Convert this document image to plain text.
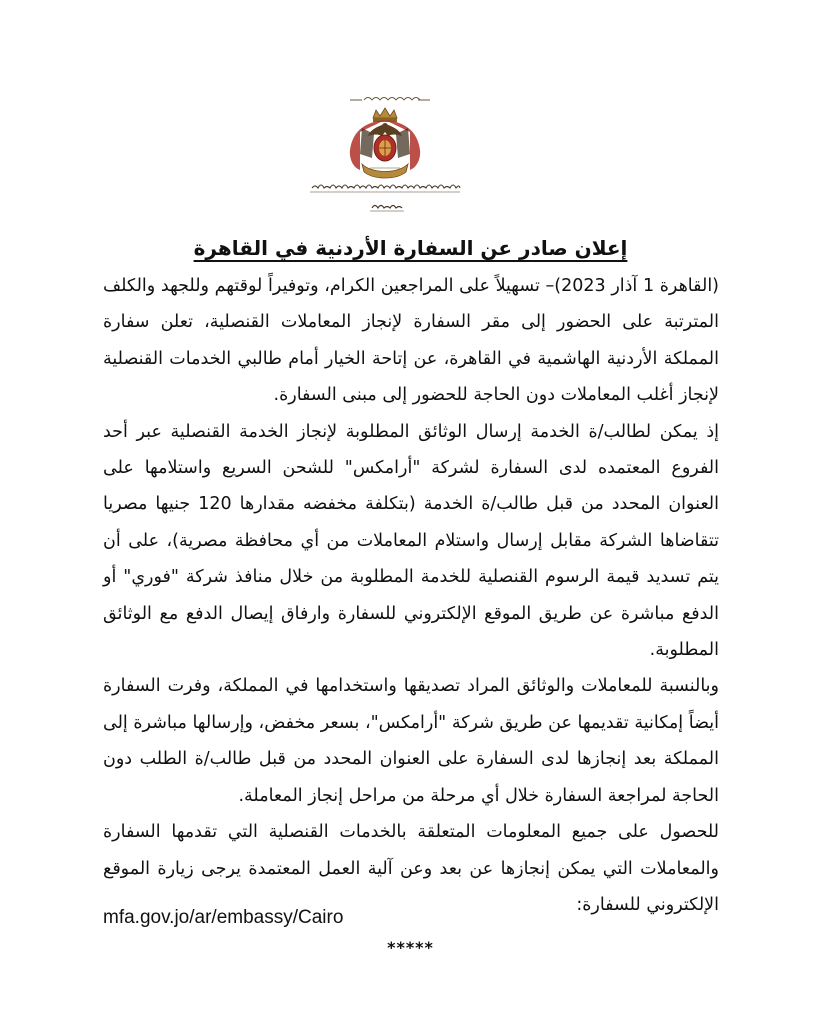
إعلان صادر عن السفارة الأردنية في القاهرة

(القاهرة 1 آذار 2023)– تسهيلاً على المراجعين الكرام، وتوفيراً لوقتهم وللجهد والكلف المترتبة على الحضور إلى مقر السفارة لإنجاز المعاملات القنصلية، تعلن سفارة المملكة الأردنية الهاشمية في القاهرة، عن إتاحة الخيار أمام طالبي الخدمات القنصلية لإنجاز أغلب المعاملات دون الحاجة للحضور إلى مبنى السفارة.

إذ يمكن لطالب/ة الخدمة إرسال الوثائق المطلوبة لإنجاز الخدمة القنصلية عبر أحد الفروع المعتمده لدى السفارة لشركة "أرامكس" للشحن السريع واستلامها على العنوان المحدد من قبل طالب/ة الخدمة (بتكلفة مخفضه مقدارها 120 جنيها مصريا تتقاضاها الشركة مقابل إرسال واستلام المعاملات من أي محافظة مصرية)، على أن يتم تسديد قيمة الرسوم القنصلية للخدمة المطلوبة من خلال منافذ شركة "فوري" أو الدفع مباشرة عن طريق الموقع الإلكتروني للسفارة وارفاق إيصال الدفع مع الوثائق المطلوبة.

وبالنسبة للمعاملات والوثائق المراد تصديقها واستخدامها في المملكة، وفرت السفارة أيضاً إمكانية تقديمها عن طريق شركة "أرامكس"، بسعر مخفض، وإرسالها مباشرة إلى المملكة بعد إنجازها لدى السفارة على العنوان المحدد من قبل طالب/ة الطلب دون الحاجة لمراجعة السفارة خلال أي مرحلة من مراحل إنجاز المعاملة.

للحصول على جميع المعلومات المتعلقة بالخدمات القنصلية التي تقدمها السفارة والمعاملات التي يمكن إنجازها عن بعد وعن آلية العمل المعتمدة يرجى زيارة الموقع الإلكتروني للسفارة:

mfa.gov.jo/ar/embassy/Cairo
*****
